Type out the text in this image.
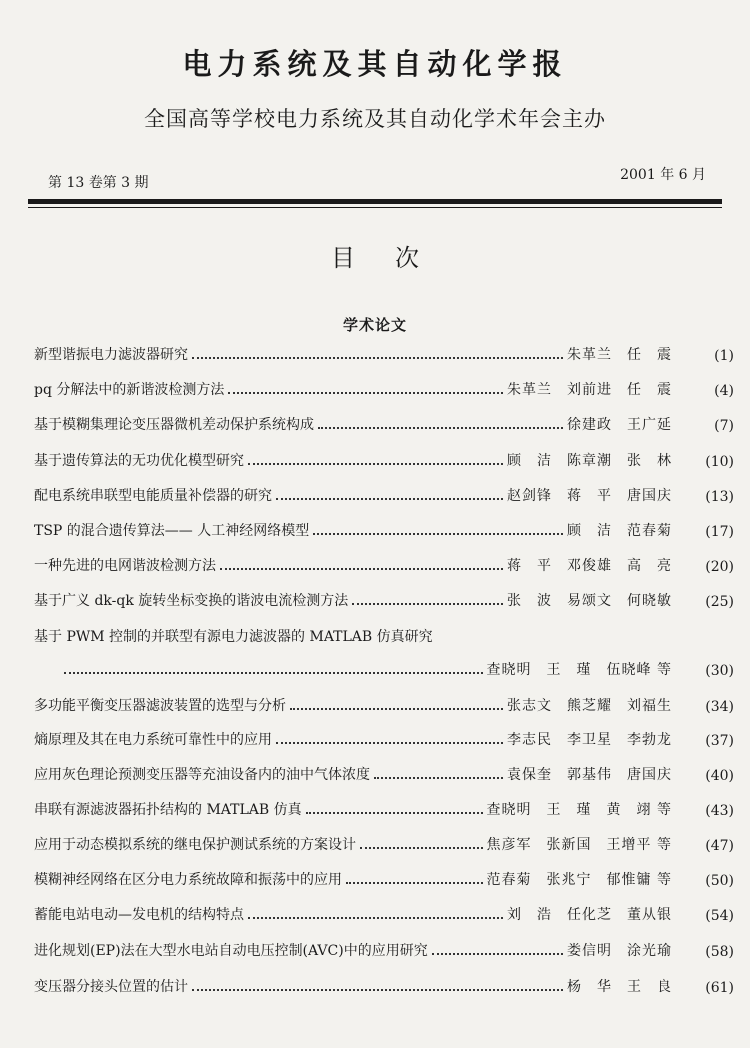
电力系统及其自动化学报
全国高等学校电力系统及其自动化学术年会主办
第 13 卷第 3 期	2001 年 6 月
目次
学术论文
新型谐振电力滤波器研究	朱革兰　任　震	( 1 )
pq 分解法中的新谐波检测方法	朱革兰　刘前进　任　震	( 4 )
基于模糊集理论变压器微机差动保护系统构成	徐建政　王广延	( 7 )
基于遗传算法的无功优化模型研究	顾　洁　陈章潮　张　林	( 10 )
配电系统串联型电能质量补偿器的研究	赵剑锋　蒋　平　唐国庆	( 13 )
TSP 的混合遗传算法—— 人工神经网络模型	顾　洁　范春菊	( 17 )
一种先进的电网谐波检测方法	蒋　平　邓俊雄　高　亮	( 20 )
基于广义 dk-qk 旋转坐标变换的谐波电流检测方法	张　波　易颂文　何晓敏	( 25 )
基于 PWM 控制的并联型有源电力滤波器的 MATLAB 仿真研究
查晓明　王　瑾　伍晓峰 等	( 30 )
多功能平衡变压器滤波装置的选型与分析	张志文　熊芝耀　刘福生	( 34 )
熵原理及其在电力系统可靠性中的应用	李志民　李卫星　李勃龙	( 37 )
应用灰色理论预测变压器等充油设备内的油中气体浓度	袁保奎　郭基伟　唐国庆	( 40 )
串联有源滤波器拓扑结构的 MATLAB 仿真	查晓明　王　瑾　黄　翊 等	( 43 )
应用于动态模拟系统的继电保护测试系统的方案设计	焦彦军　张新国　王增平 等	( 47 )
模糊神经网络在区分电力系统故障和振荡中的应用	范春菊　张兆宁　郁惟镛 等	( 50 )
蓄能电站电动—发电机的结构特点	刘　浩　任化芝　董从银	( 54 )
进化规划(EP)法在大型水电站自动电压控制(AVC)中的应用研究	娄信明　涂光瑜	( 58 )
变压器分接头位置的估计	杨　华　王　良	( 61 )
